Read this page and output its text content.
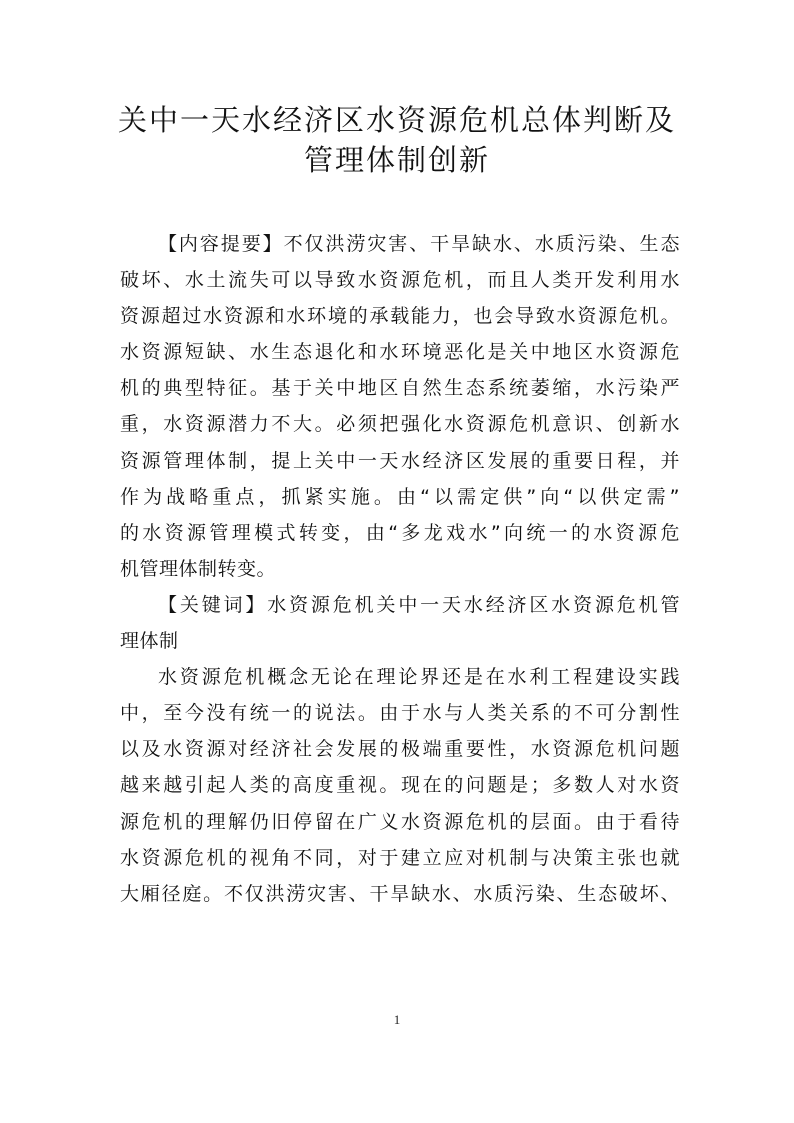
关中一天水经济区水资源危机总体判断及
管理体制创新
【内容提要】不仅洪涝灾害、干旱缺水、水质污染、生态
破坏、水土流失可以导致水资源危机，而且人类开发利用水
资源超过水资源和水环境的承载能力，也会导致水资源危机。
水资源短缺、水生态退化和水环境恶化是关中地区水资源危
机的典型特征。基于关中地区自然生态系统萎缩，水污染严
重，水资源潜力不大。必须把强化水资源危机意识、创新水
资源管理体制，提上关中一天水经济区发展的重要日程，并
作为战略重点，抓紧实施。由“以需定供”向“以供定需”
的水资源管理模式转变，由“多龙戏水”向统一的水资源危
机管理体制转变。
【关键词】水资源危机关中一天水经济区水资源危机管
理体制
水资源危机概念无论在理论界还是在水利工程建设实践
中，至今没有统一的说法。由于水与人类关系的不可分割性
以及水资源对经济社会发展的极端重要性，水资源危机问题
越来越引起人类的高度重视。现在的问题是；多数人对水资
源危机的理解仍旧停留在广义水资源危机的层面。由于看待
水资源危机的视角不同，对于建立应对机制与决策主张也就
大厢径庭。不仅洪涝灾害、干旱缺水、水质污染、生态破坏、
1
